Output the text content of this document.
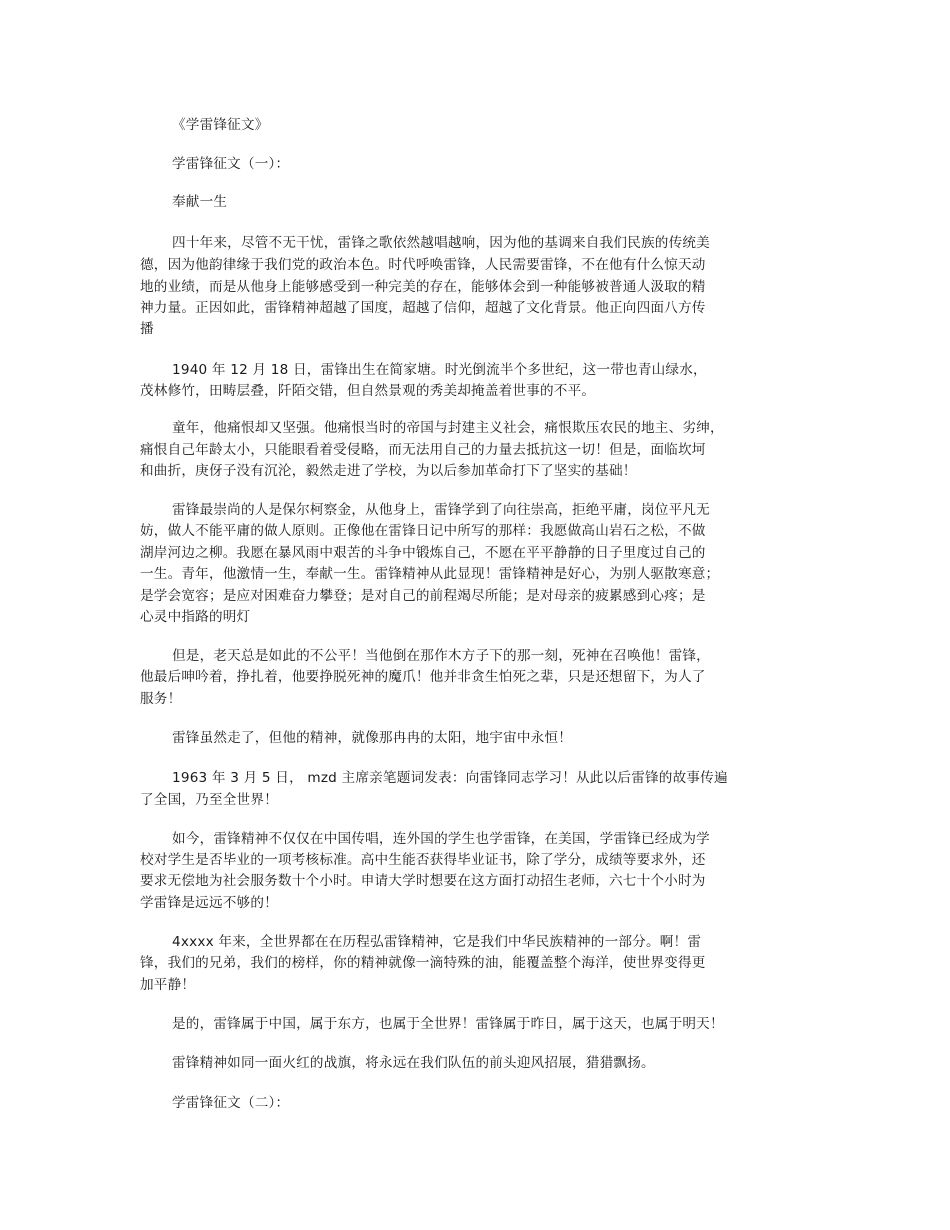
《学雷锋征文》
学雷锋征文（一）：
奉献一生
四十年来，尽管不无干忧，雷锋之歌依然越唱越响，因为他的基调来自我们民族的传统美
德，因为他韵律缘于我们党的政治本色。时代呼唤雷锋，人民需要雷锋，不在他有什么惊天动
地的业绩，而是从他身上能够感受到一种完美的存在，能够体会到一种能够被普通人汲取的精
神力量。正因如此，雷锋精神超越了国度，超越了信仰，超越了文化背景。他正向四面八方传
播
1940 年 12 月 18 日，雷锋出生在简家塘。时光倒流半个多世纪，这一带也青山绿水，
茂林修竹，田畴层叠，阡陌交错，但自然景观的秀美却掩盖着世事的不平。
童年，他痛恨却又坚强。他痛恨当时的帝国与封建主义社会，痛恨欺压农民的地主、劣绅，
痛恨自己年龄太小，只能眼看着受侵略，而无法用自己的力量去抵抗这一切！但是，面临坎坷
和曲折，庚伢子没有沉沦，毅然走进了学校，为以后参加革命打下了坚实的基础！
雷锋最崇尚的人是保尔柯察金，从他身上，雷锋学到了向往崇高，拒绝平庸，岗位平凡无
妨，做人不能平庸的做人原则。正像他在雷锋日记中所写的那样：我愿做高山岩石之松，不做
湖岸河边之柳。我愿在暴风雨中艰苦的斗争中锻炼自己，不愿在平平静静的日子里度过自己的
一生。青年，他激情一生，奉献一生。雷锋精神从此显现！雷锋精神是好心，为别人驱散寒意；
是学会宽容；是应对困难奋力攀登；是对自己的前程竭尽所能；是对母亲的疲累感到心疼；是
心灵中指路的明灯
但是，老天总是如此的不公平！当他倒在那作木方子下的那一刻，死神在召唤他！雷锋，
他最后呻吟着，挣扎着，他要挣脱死神的魔爪！他并非贪生怕死之辈，只是还想留下，为人了
服务！
雷锋虽然走了，但他的精神，就像那冉冉的太阳，地宇宙中永恒！
1963 年 3 月 5 日， mzd 主席亲笔题词发表：向雷锋同志学习！从此以后雷锋的故事传遍
了全国，乃至全世界！
如今，雷锋精神不仅仅在中国传唱，连外国的学生也学雷锋，在美国，学雷锋已经成为学
校对学生是否毕业的一项考核标准。高中生能否获得毕业证书，除了学分，成绩等要求外，还
要求无偿地为社会服务数十个小时。申请大学时想要在这方面打动招生老师，六七十个小时为
学雷锋是远远不够的！
4xxxx 年来，全世界都在在历程弘雷锋精神，它是我们中华民族精神的一部分。啊！雷
锋，我们的兄弟，我们的榜样，你的精神就像一滴特殊的油，能覆盖整个海洋，使世界变得更
加平静！
是的，雷锋属于中国，属于东方，也属于全世界！雷锋属于昨日，属于这天，也属于明天！
雷锋精神如同一面火红的战旗，将永远在我们队伍的前头迎风招展，猎猎飘扬。
学雷锋征文（二）：
